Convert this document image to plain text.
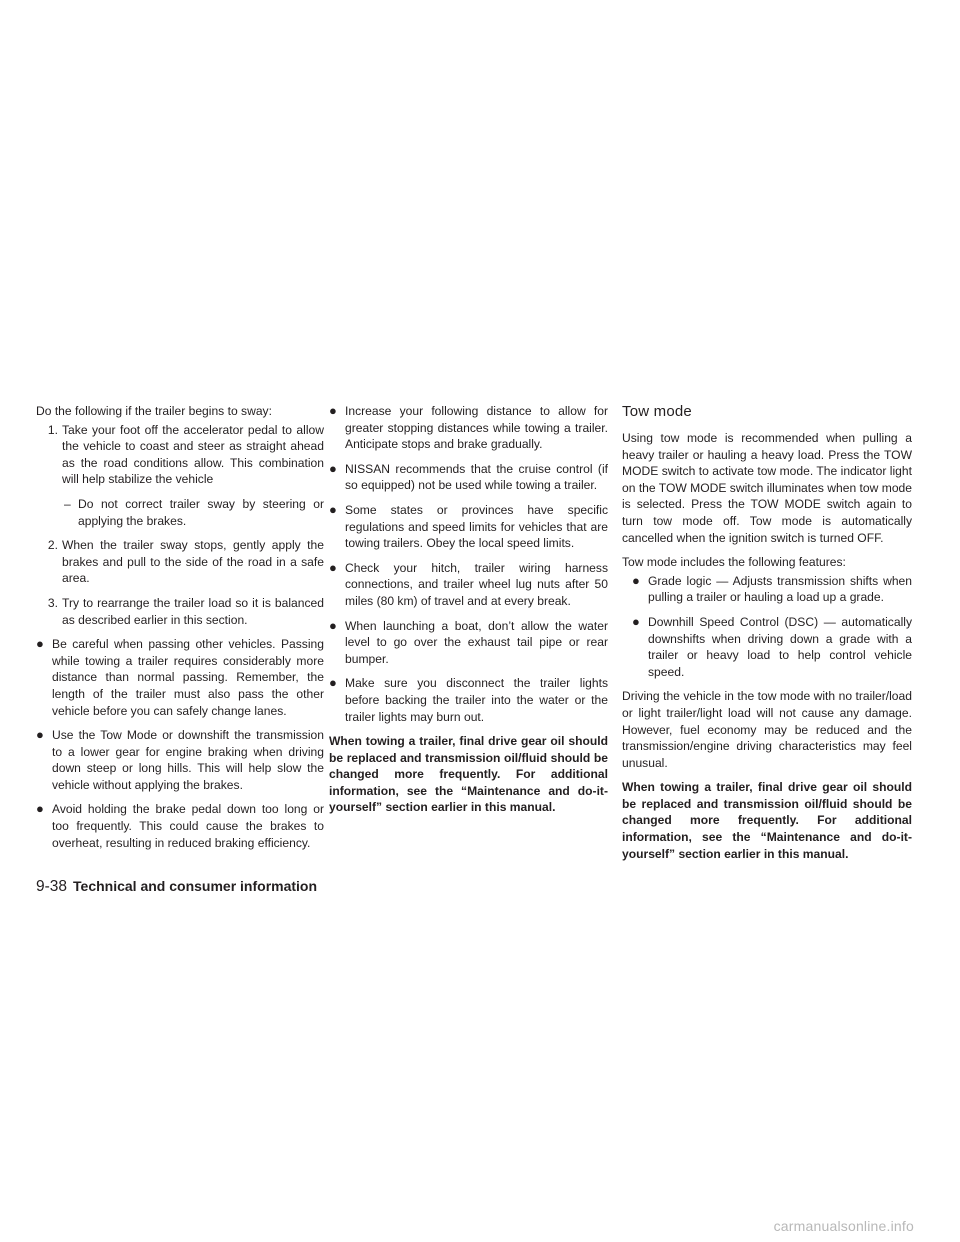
Do the following if the trailer begins to sway:

1. Take your foot off the accelerator pedal to allow the vehicle to coast and steer as straight ahead as the road conditions allow. This combination will help stabilize the vehicle
– Do not correct trailer sway by steering or applying the brakes.
2. When the trailer sway stops, gently apply the brakes and pull to the side of the road in a safe area.
3. Try to rearrange the trailer load so it is balanced as described earlier in this section.
● Be careful when passing other vehicles. Passing while towing a trailer requires considerably more distance than normal passing. Remember, the length of the trailer must also pass the other vehicle before you can safely change lanes.
● Use the Tow Mode or downshift the transmission to a lower gear for engine braking when driving down steep or long hills. This will help slow the vehicle without applying the brakes.
● Avoid holding the brake pedal down too long or too frequently. This could cause the brakes to overheat, resulting in reduced braking efficiency.
● Increase your following distance to allow for greater stopping distances while towing a trailer. Anticipate stops and brake gradually.
● NISSAN recommends that the cruise control (if so equipped) not be used while towing a trailer.
● Some states or provinces have specific regulations and speed limits for vehicles that are towing trailers. Obey the local speed limits.
● Check your hitch, trailer wiring harness connections, and trailer wheel lug nuts after 50 miles (80 km) of travel and at every break.
● When launching a boat, don’t allow the water level to go over the exhaust tail pipe or rear bumper.
● Make sure you disconnect the trailer lights before backing the trailer into the water or the trailer lights may burn out.

When towing a trailer, final drive gear oil should be replaced and transmission oil/fluid should be changed more frequently. For additional information, see the “Maintenance and do-it-yourself” section earlier in this manual.

Tow mode

Using tow mode is recommended when pulling a heavy trailer or hauling a heavy load. Press the TOW MODE switch to activate tow mode. The indicator light on the TOW MODE switch illuminates when tow mode is selected. Press the TOW MODE switch again to turn tow mode off. Tow mode is automatically cancelled when the ignition switch is turned OFF.

Tow mode includes the following features:

● Grade logic — Adjusts transmission shifts when pulling a trailer or hauling a load up a grade.
● Downhill Speed Control (DSC) — automatically downshifts when driving down a grade with a trailer or heavy load to help control vehicle speed.

Driving the vehicle in the tow mode with no trailer/load or light trailer/light load will not cause any damage. However, fuel economy may be reduced and the transmission/engine driving characteristics may feel unusual.

When towing a trailer, final drive gear oil should be replaced and transmission oil/fluid should be changed more frequently. For additional information, see the “Maintenance and do-it-yourself” section earlier in this manual.

9-38 Technical and consumer information
carmanualsonline.info
